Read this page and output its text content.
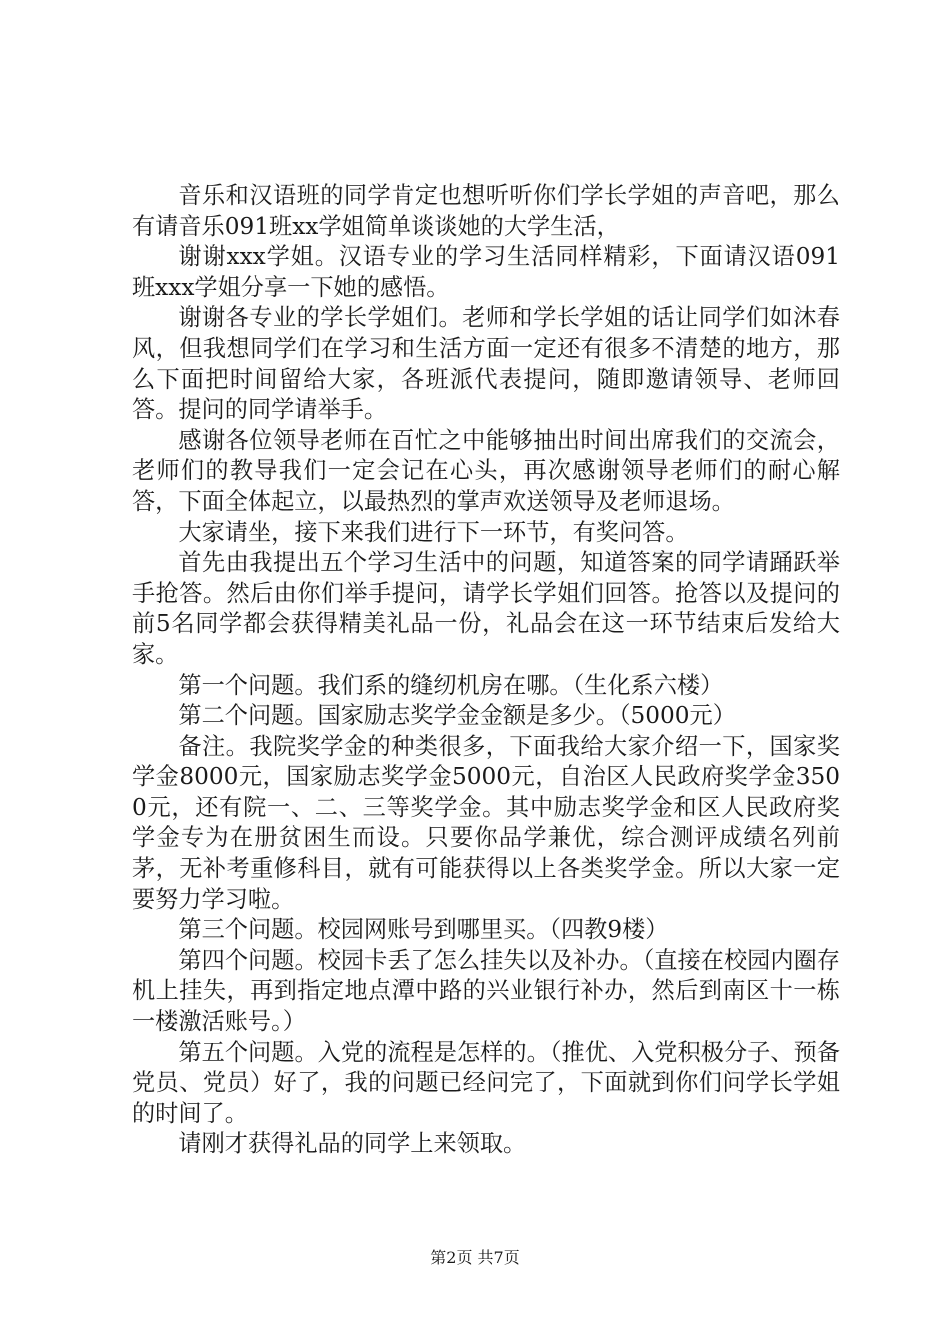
音乐和汉语班的同学肯定也想听听你们学长学姐的声音吧，那么有请音乐091班xx学姐简单谈谈她的大学生活，

谢谢xxx学姐。汉语专业的学习生活同样精彩，下面请汉语091班xxx学姐分享一下她的感悟。

谢谢各专业的学长学姐们。老师和学长学姐的话让同学们如沐春风，但我想同学们在学习和生活方面一定还有很多不清楚的地方，那么下面把时间留给大家，各班派代表提问，随即邀请领导、老师回答。提问的同学请举手。

感谢各位领导老师在百忙之中能够抽出时间出席我们的交流会，老师们的教导我们一定会记在心头，再次感谢领导老师们的耐心解答，下面全体起立，以最热烈的掌声欢送领导及老师退场。

大家请坐，接下来我们进行下一环节，有奖问答。

首先由我提出五个学习生活中的问题，知道答案的同学请踊跃举手抢答。然后由你们举手提问，请学长学姐们回答。抢答以及提问的前5名同学都会获得精美礼品一份，礼品会在这一环节结束后发给大家。

第一个问题。我们系的缝纫机房在哪。（生化系六楼）

第二个问题。国家励志奖学金金额是多少。（5000元）

备注。我院奖学金的种类很多，下面我给大家介绍一下，国家奖学金8000元，国家励志奖学金5000元，自治区人民政府奖学金3500元，还有院一、二、三等奖学金。其中励志奖学金和区人民政府奖学金专为在册贫困生而设。只要你品学兼优，综合测评成绩名列前茅，无补考重修科目，就有可能获得以上各类奖学金。所以大家一定要努力学习啦。

第三个问题。校园网账号到哪里买。（四教9楼）

第四个问题。校园卡丢了怎么挂失以及补办。（直接在校园内圈存机上挂失，再到指定地点潭中路的兴业银行补办，然后到南区十一栋一楼激活账号。）

第五个问题。入党的流程是怎样的。（推优、入党积极分子、预备党员、党员）好了，我的问题已经问完了，下面就到你们问学长学姐的时间了。

请刚才获得礼品的同学上来领取。

第2页 共7页
